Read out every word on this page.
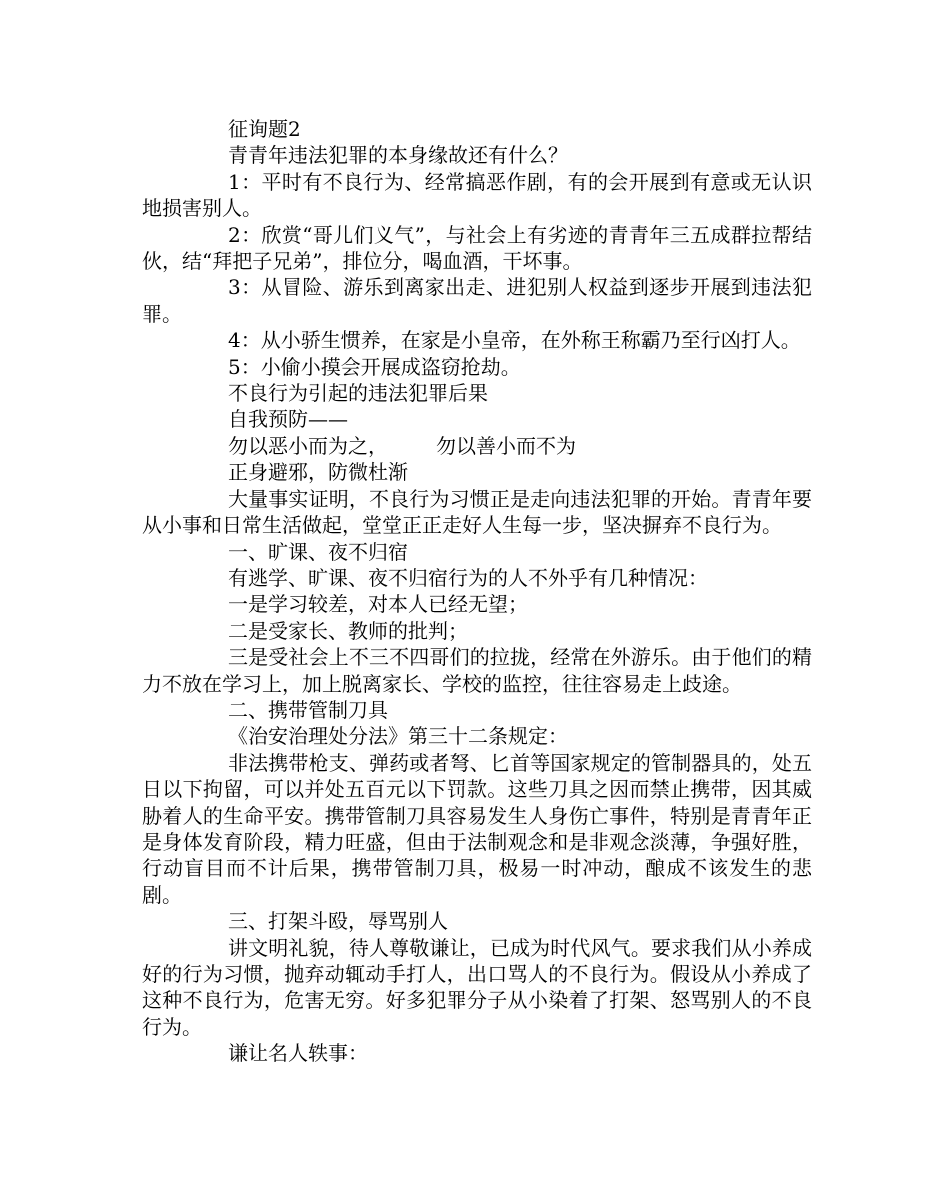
征询题2

青青年违法犯罪的本身缘故还有什么？

1：平时有不良行为、经常搞恶作剧，有的会开展到有意或无认识地损害别人。

2：欣赏“哥儿们义气”，与社会上有劣迹的青青年三五成群拉帮结伙，结“拜把子兄弟”，排位分，喝血酒，干坏事。

3：从冒险、游乐到离家出走、进犯别人权益到逐步开展到违法犯罪。

4：从小骄生惯养，在家是小皇帝，在外称王称霸乃至行凶打人。

5：小偷小摸会开展成盗窃抢劫。

不良行为引起的违法犯罪后果

自我预防——

勿以恶小而为之， 勿以善小而不为

正身避邪，防微杜渐

大量事实证明，不良行为习惯正是走向违法犯罪的开始。青青年要从小事和日常生活做起，堂堂正正走好人生每一步，坚决摒弃不良行为。

一、旷课、夜不归宿

有逃学、旷课、夜不归宿行为的人不外乎有几种情况：

一是学习较差，对本人已经无望；

二是受家长、教师的批判；

三是受社会上不三不四哥们的拉拢，经常在外游乐。由于他们的精力不放在学习上，加上脱离家长、学校的监控，往往容易走上歧途。

二、携带管制刀具

《治安治理处分法》第三十二条规定：

非法携带枪支、弹药或者弩、匕首等国家规定的管制器具的，处五日以下拘留，可以并处五百元以下罚款。这些刀具之因而禁止携带，因其威胁着人的生命平安。携带管制刀具容易发生人身伤亡事件，特别是青青年正是身体发育阶段，精力旺盛，但由于法制观念和是非观念淡薄，争强好胜，行动盲目而不计后果，携带管制刀具，极易一时冲动，酿成不该发生的悲剧。

三、打架斗殴，辱骂别人

讲文明礼貌，待人尊敬谦让，已成为时代风气。要求我们从小养成好的行为习惯，抛弃动辄动手打人，出口骂人的不良行为。假设从小养成了这种不良行为，危害无穷。好多犯罪分子从小染着了打架、怒骂别人的不良行为。

谦让名人轶事：
